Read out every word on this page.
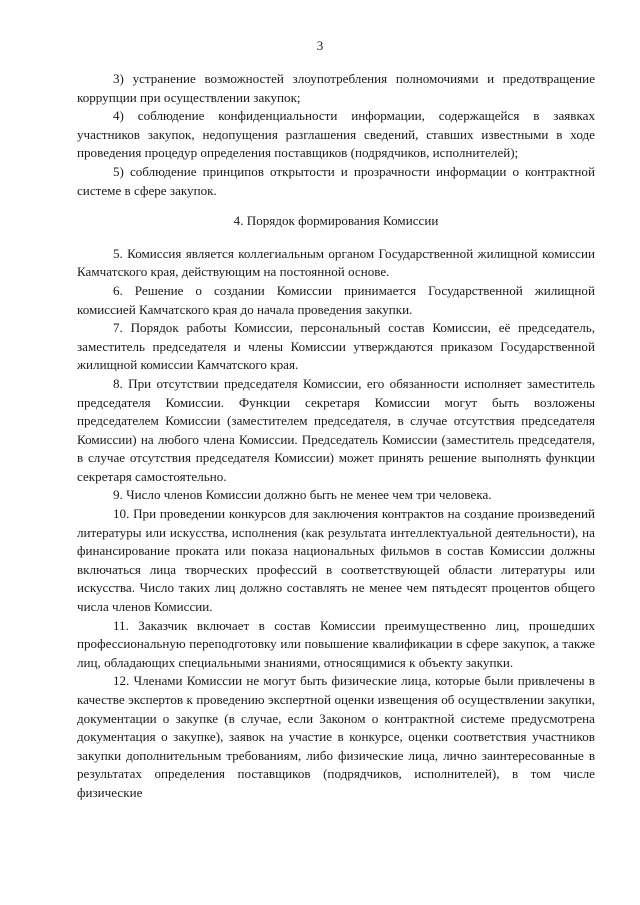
3

3) устранение возможностей злоупотребления полномочиями и предотвращение коррупции при осуществлении закупок;

4) соблюдение конфиденциальности информации, содержащейся в заявках участников закупок, недопущения разглашения сведений, ставших известными в ходе проведения процедур определения поставщиков (подрядчиков, исполнителей);

5) соблюдение принципов открытости и прозрачности информации о контрактной системе в сфере закупок.

4. Порядок формирования Комиссии

5. Комиссия является коллегиальным органом Государственной жилищной комиссии Камчатского края, действующим на постоянной основе.

6. Решение о создании Комиссии принимается Государственной жилищной комиссией Камчатского края до начала проведения закупки.

7. Порядок работы Комиссии, персональный состав Комиссии, её председатель, заместитель председателя и члены Комиссии утверждаются приказом Государственной жилищной комиссии Камчатского края.

8. При отсутствии председателя Комиссии, его обязанности исполняет заместитель председателя Комиссии. Функции секретаря Комиссии могут быть возложены председателем Комиссии (заместителем председателя, в случае отсутствия председателя Комиссии) на любого члена Комиссии. Председатель Комиссии (заместитель председателя, в случае отсутствия председателя Комиссии) может принять решение выполнять функции секретаря самостоятельно.

9. Число членов Комиссии должно быть не менее чем три человека.

10. При проведении конкурсов для заключения контрактов на создание произведений литературы или искусства, исполнения (как результата интеллектуальной деятельности), на финансирование проката или показа национальных фильмов в состав Комиссии должны включаться лица творческих профессий в соответствующей области литературы или искусства. Число таких лиц должно составлять не менее чем пятьдесят процентов общего числа членов Комиссии.

11. Заказчик включает в состав Комиссии преимущественно лиц, прошедших профессиональную переподготовку или повышение квалификации в сфере закупок, а также лиц, обладающих специальными знаниями, относящимися к объекту закупки.

12. Членами Комиссии не могут быть физические лица, которые были привлечены в качестве экспертов к проведению экспертной оценки извещения об осуществлении закупки, документации о закупке (в случае, если Законом о контрактной системе предусмотрена документация о закупке), заявок на участие в конкурсе, оценки соответствия участников закупки дополнительным требованиям, либо физические лица, лично заинтересованные в результатах определения поставщиков (подрядчиков, исполнителей), в том числе физические
